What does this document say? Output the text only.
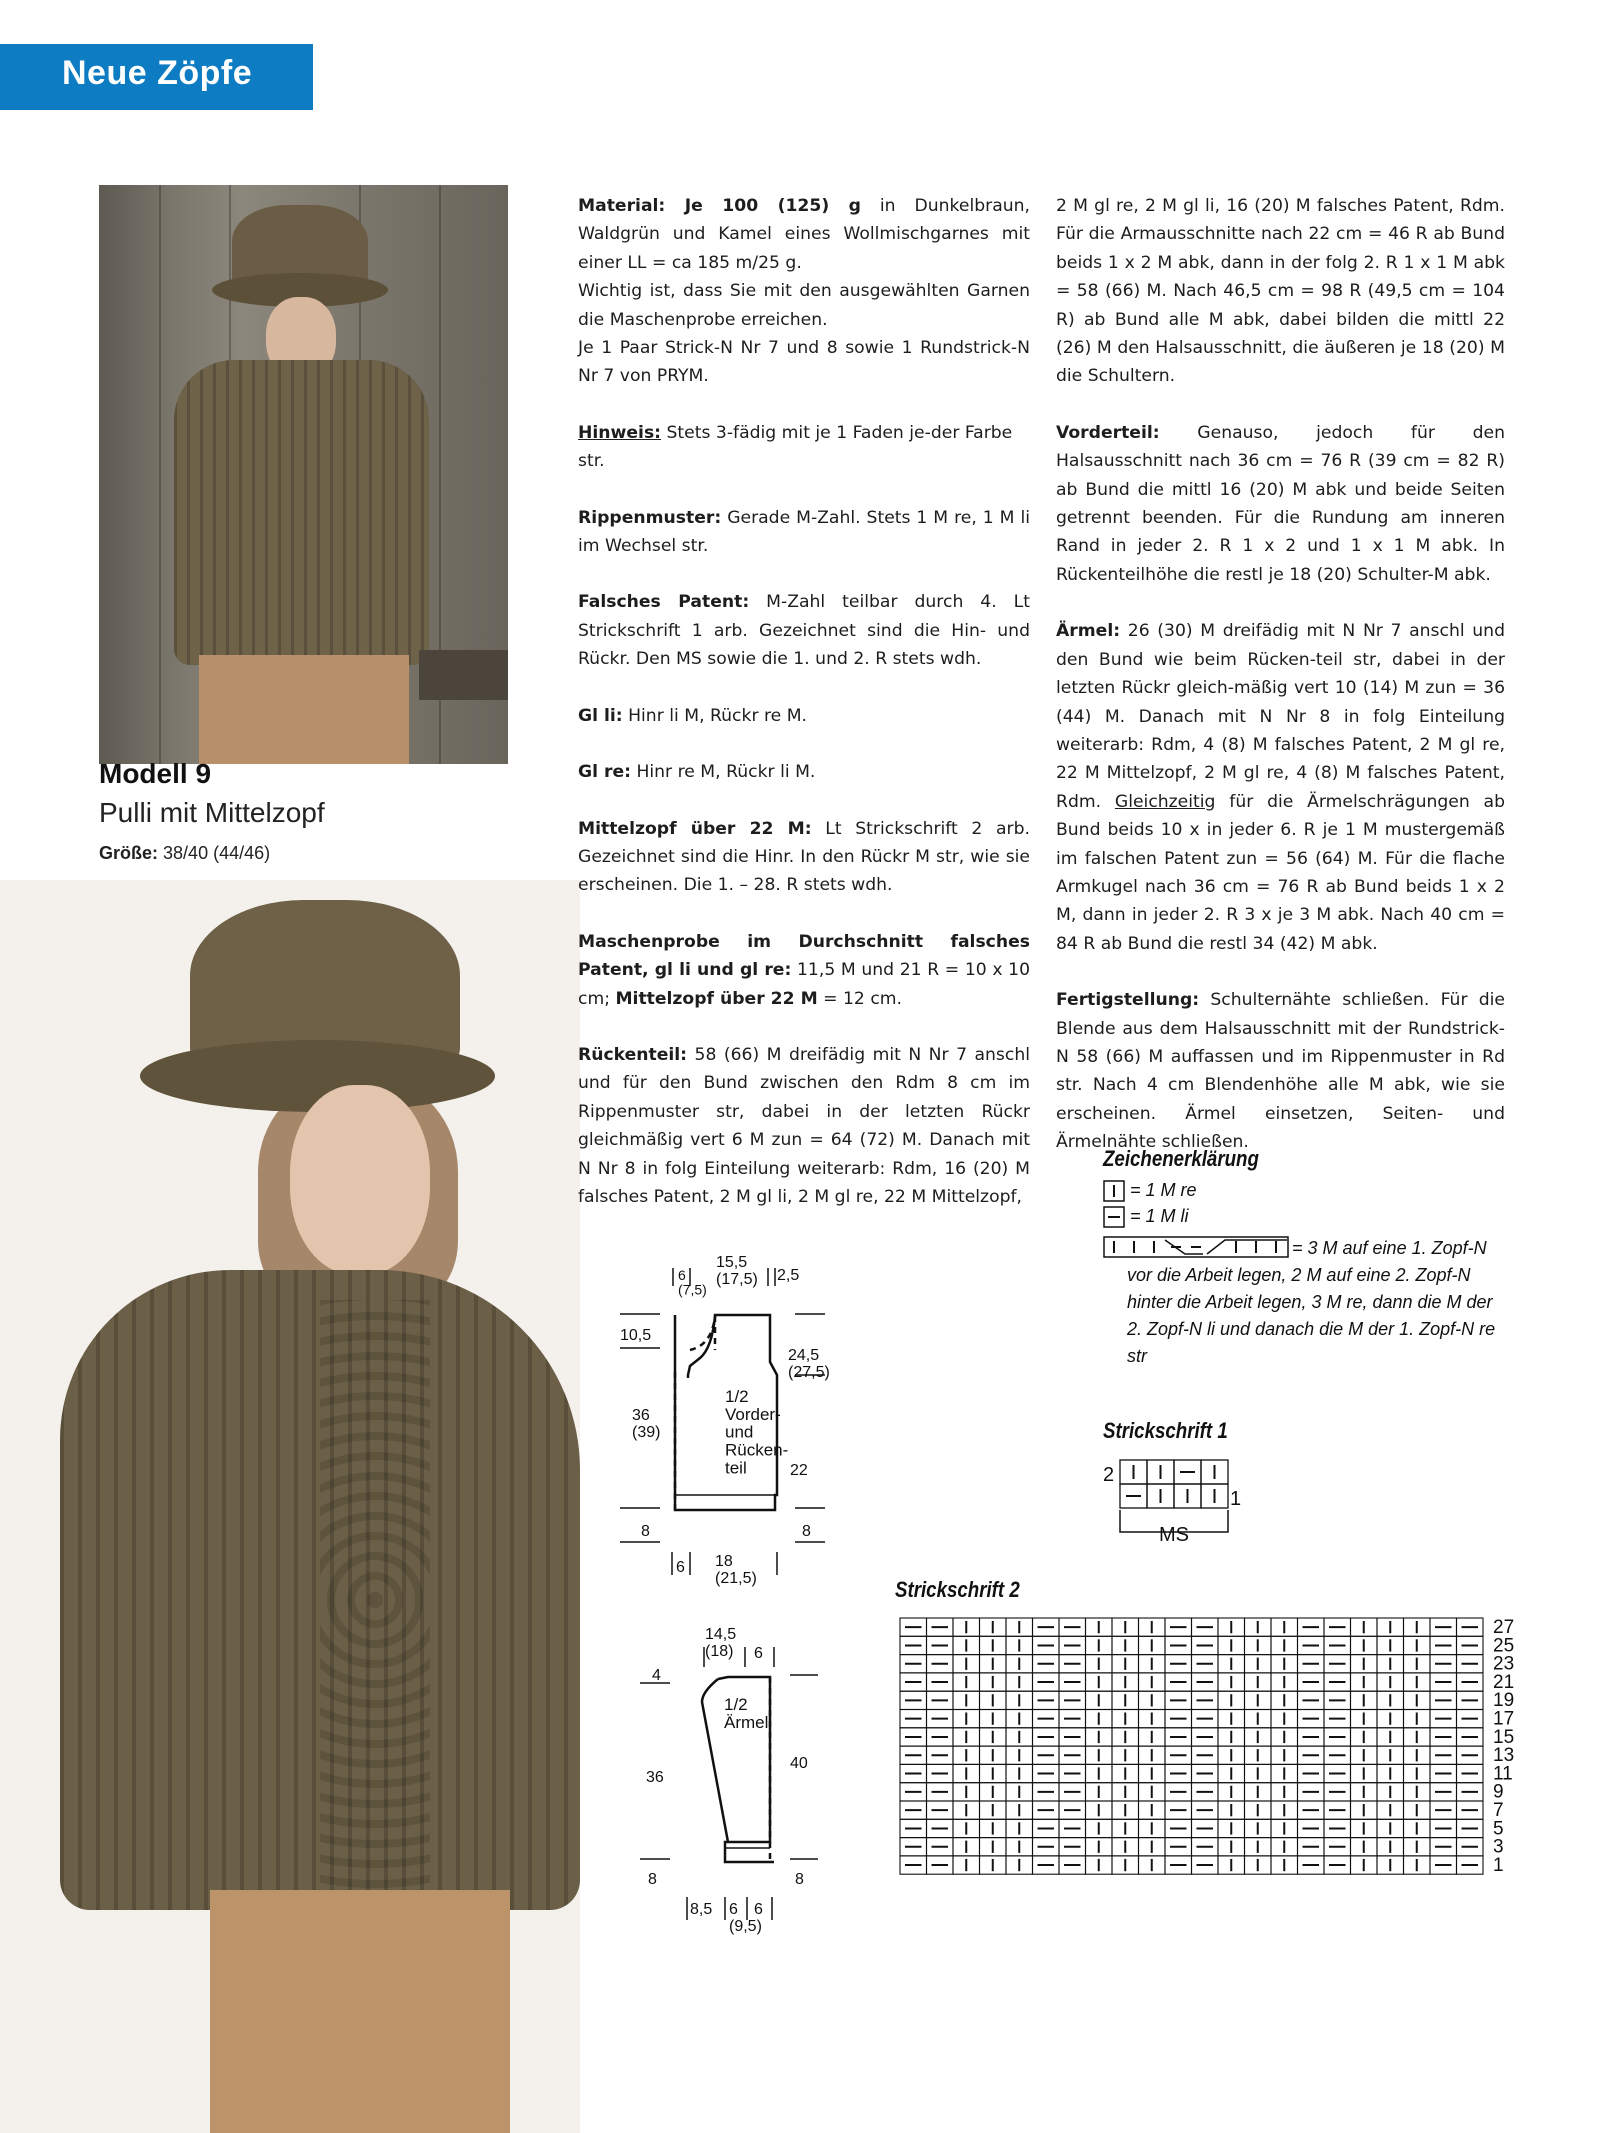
Neue Zöpfe
Modell 9
Pulli mit Mittelzopf
Größe: 38/40 (44/46)

Material: Je 100 (125) g in Dunkelbraun, Waldgrün und Kamel eines Wollmischgarnes mit einer LL = ca 185 m/25 g.

Wichtig ist, dass Sie mit den ausgewählten Garnen die Maschenprobe erreichen.

Je 1 Paar Strick-N Nr 7 und 8 sowie 1 Rundstrick-N Nr 7 von PRYM.

Hinweis: Stets 3-fädig mit je 1 Faden je-der Farbe str.

Rippenmuster: Gerade M-Zahl. Stets 1 M re, 1 M li im Wechsel str.

Falsches Patent: M-Zahl teilbar durch 4. Lt Strickschrift 1 arb. Gezeichnet sind die Hin- und Rückr. Den MS sowie die 1. und 2. R stets wdh.

Gl li: Hinr li M, Rückr re M.

Gl re: Hinr re M, Rückr li M.

Mittelzopf über 22 M: Lt Strickschrift 2 arb. Gezeichnet sind die Hinr. In den Rückr M str, wie sie erscheinen. Die 1. – 28. R stets wdh.

Maschenprobe im Durchschnitt falsches Patent, gl li und gl re: 11,5 M und 21 R = 10 x 10 cm; Mittelzopf über 22 M = 12 cm.

Rückenteil: 58 (66) M dreifädig mit N Nr 7 anschl und für den Bund zwischen den Rdm 8 cm im Rippenmuster str, dabei in der letzten Rückr gleichmäßig vert 6 M zun = 64 (72) M. Danach mit N Nr 8 in folg Einteilung weiterarb: Rdm, 16 (20) M falsches Patent, 2 M gl li, 2 M gl re, 22 M Mittelzopf,

2 M gl re, 2 M gl li, 16 (20) M falsches Patent, Rdm. Für die Armausschnitte nach 22 cm = 46 R ab Bund beids 1 x 2 M abk, dann in der folg 2. R 1 x 1 M abk = 58 (66) M. Nach 46,5 cm = 98 R (49,5 cm = 104 R) ab Bund alle M abk, dabei bilden die mittl 22 (26) M den Halsausschnitt, die äußeren je 18 (20) M die Schultern.

Vorderteil: Genauso, jedoch für den Halsausschnitt nach 36 cm = 76 R (39 cm = 82 R) ab Bund die mittl 16 (20) M abk und beide Seiten getrennt beenden. Für die Rundung am inneren Rand in jeder 2. R 1 x 2 und 1 x 1 M abk. In Rückenteilhöhe die restl je 18 (20) Schulter-M abk.

Ärmel: 26 (30) M dreifädig mit N Nr 7 anschl und den Bund wie beim Rücken-teil str, dabei in der letzten Rückr gleich-mäßig vert 10 (14) M zun = 36 (44) M. Danach mit N Nr 8 in folg Einteilung weiterarb: Rdm, 4 (8) M falsches Patent, 2 M gl re, 22 M Mittelzopf, 2 M gl re, 4 (8) M falsches Patent, Rdm. Gleichzeitig für die Ärmelschrägungen ab Bund beids 10 x in jeder 6. R je 1 M mustergemäß im falschen Patent zun = 56 (64) M. Für die flache Armkugel nach 36 cm = 76 R ab Bund beids 1 x 2 M, dann in jeder 2. R 3 x je 3 M abk. Nach 40 cm = 84 R ab Bund die restl 34 (42) M abk.

Fertigstellung: Schulternähte schließen. Für die Blende aus dem Halsausschnitt mit der Rundstrick-N 58 (66) M auffassen und im Rippenmuster in Rd str. Nach 4 cm Blendenhöhe alle M abk, wie sie erscheinen. Ärmel einsetzen, Seiten- und Ärmelnähte schließen.

Zeichenerklärung
= 1 M re
= 1 M li
= 3 M auf eine 1. Zopf-N vor die Arbeit legen, 2 M auf eine 2. Zopf-N hinter die Arbeit legen, 3 M re, dann die M der 2. Zopf-N li und danach die M der 1. Zopf-N re str
Strickschrift 1
2
1
MS
Strickschrift 2
27
25
23
21
19
17
15
13
11
9
7
5
3
1
6 (7,5)
15,5 (17,5) 2,5
10,5
24,5 (27,5)
36 (39)
22
8	8
6 18 (21,5)
1/2 Vorder-und Rücken-teil
14,5 (18) 6
4
40
36
8	8
8,5 6 (9,5)
6
1/2 Ärmel
